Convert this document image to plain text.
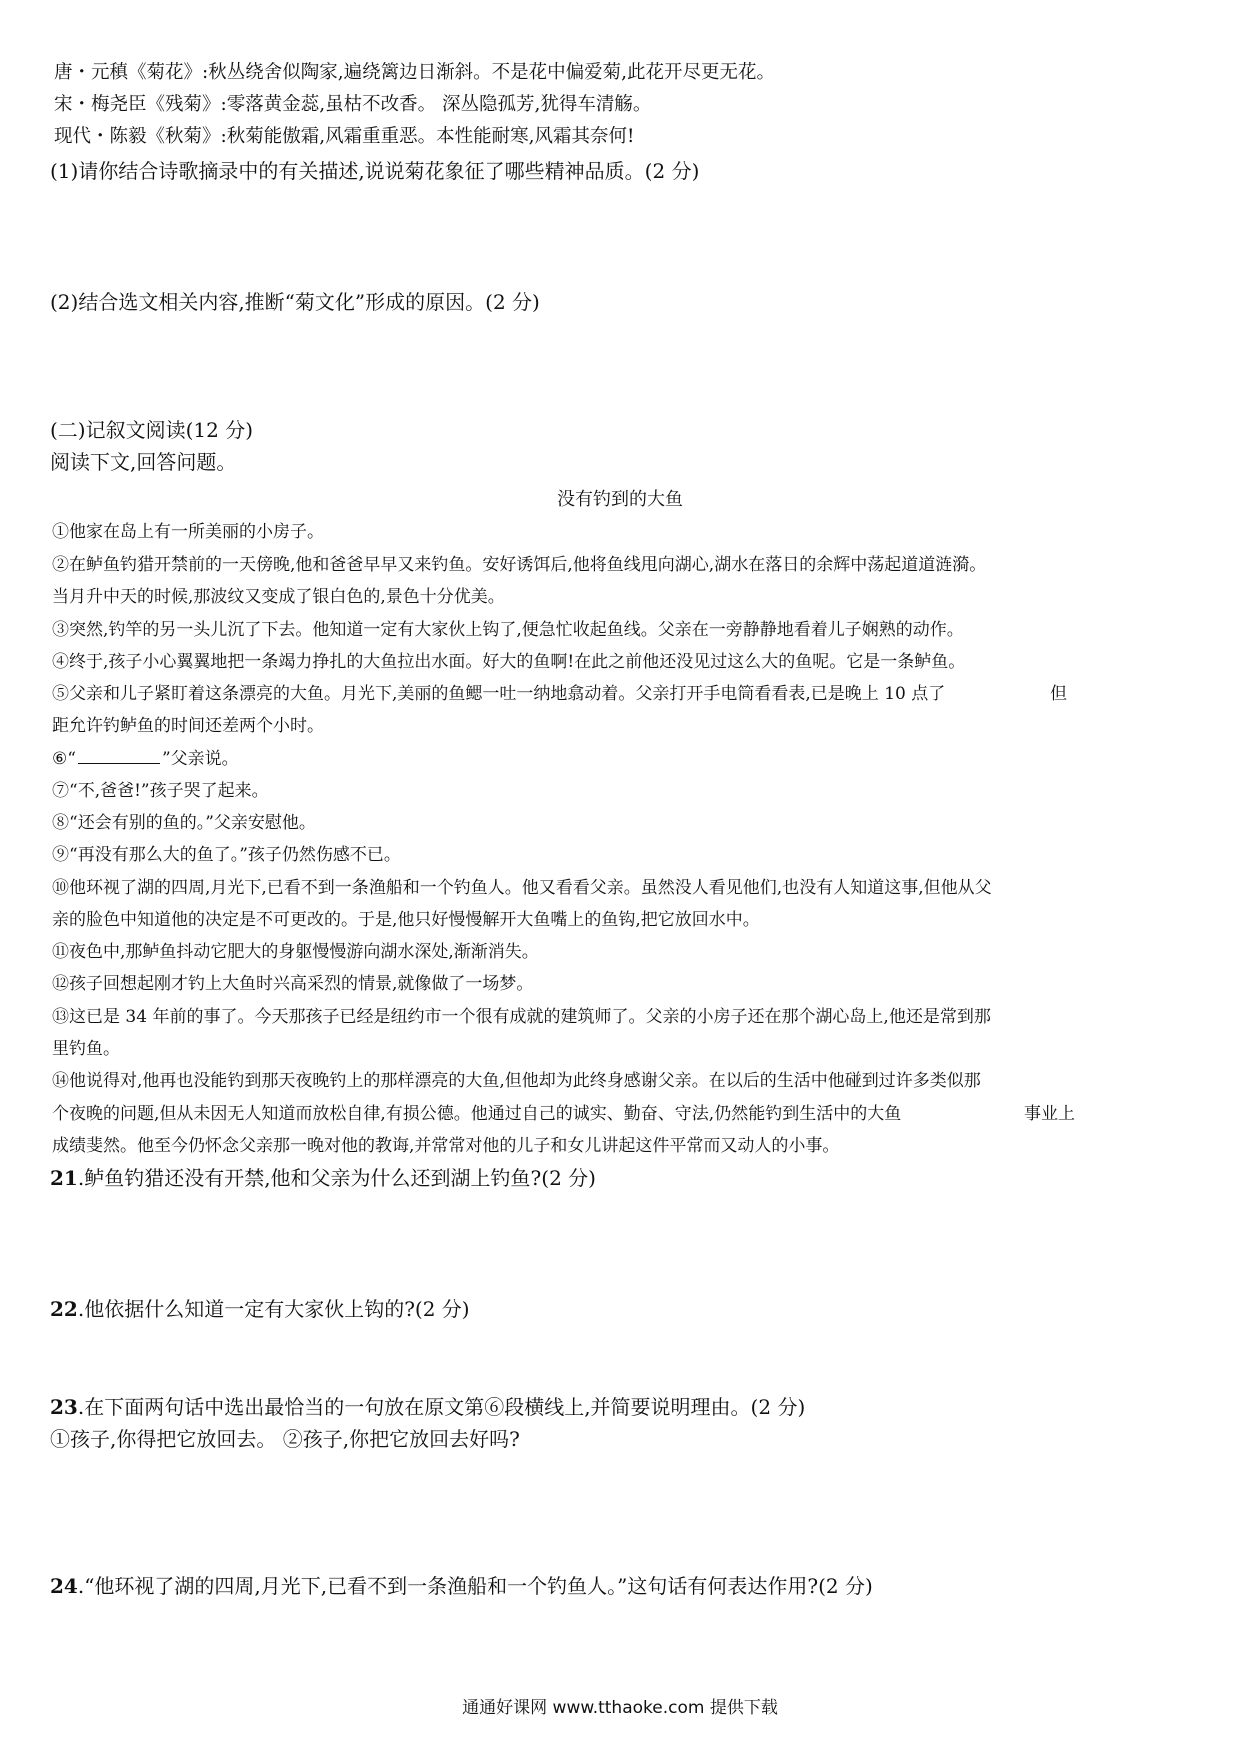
唐・元稹《菊花》:秋丛绕舍似陶家,遍绕篱边日渐斜。不是花中偏爱菊,此花开尽更无花。
宋・梅尧臣《残菊》:零落黄金蕊,虽枯不改香。 深丛隐孤芳,犹得车清觞。
现代・陈毅《秋菊》:秋菊能傲霜,风霜重重恶。本性能耐寒,风霜其奈何!
(1)请你结合诗歌摘录中的有关描述,说说菊花象征了哪些精神品质。(2 分)
(2)结合选文相关内容,推断“菊文化”形成的原因。(2 分)
(二)记叙文阅读(12 分)
阅读下文,回答问题。
没有钓到的大鱼
①他家在岛上有一所美丽的小房子。
②在鲈鱼钓猎开禁前的一天傍晚,他和爸爸早早又来钓鱼。安好诱饵后,他将鱼线甩向湖心,湖水在落日的余辉中荡起道道涟漪。
当月升中天的时候,那波纹又变成了银白色的,景色十分优美。
③突然,钓竿的另一头儿沉了下去。他知道一定有大家伙上钩了,便急忙收起鱼线。父亲在一旁静静地看着儿子娴熟的动作。
④终于,孩子小心翼翼地把一条竭力挣扎的大鱼拉出水面。好大的鱼啊!在此之前他还没见过这么大的鱼呢。它是一条鲈鱼。
⑤父亲和儿子紧盯着这条漂亮的大鱼。月光下,美丽的鱼鳃一吐一纳地翕动着。父亲打开手电筒看看表,已是晚上 10 点了	但
距允许钓鲈鱼的时间还差两个小时。
⑥“	”父亲说。
⑦“不,爸爸!”孩子哭了起来。
⑧“还会有别的鱼的。”父亲安慰他。
⑨“再没有那么大的鱼了。”孩子仍然伤感不已。
⑩他环视了湖的四周,月光下,已看不到一条渔船和一个钓鱼人。他又看看父亲。虽然没人看见他们,也没有人知道这事,但他从父
亲的脸色中知道他的决定是不可更改的。于是,他只好慢慢解开大鱼嘴上的鱼钩,把它放回水中。
⑪夜色中,那鲈鱼抖动它肥大的身躯慢慢游向湖水深处,渐渐消失。
⑫孩子回想起刚才钓上大鱼时兴高采烈的情景,就像做了一场梦。
⑬这已是 34 年前的事了。今天那孩子已经是纽约市一个很有成就的建筑师了。父亲的小房子还在那个湖心岛上,他还是常到那
里钓鱼。
⑭他说得对,他再也没能钓到那天夜晚钓上的那样漂亮的大鱼,但他却为此终身感谢父亲。在以后的生活中他碰到过许多类似那
个夜晚的问题,但从未因无人知道而放松自律,有损公德。他通过自己的诚实、勤奋、守法,仍然能钓到生活中的大鱼	事业上
成绩斐然。他至今仍怀念父亲那一晚对他的教诲,并常常对他的儿子和女儿讲起这件平常而又动人的小事。
21.鲈鱼钓猎还没有开禁,他和父亲为什么还到湖上钓鱼?(2 分)
22.他依据什么知道一定有大家伙上钩的?(2 分)
23.在下面两句话中选出最恰当的一句放在原文第⑥段横线上,并简要说明理由。(2 分)
①孩子,你得把它放回去。 ②孩子,你把它放回去好吗?
24.“他环视了湖的四周,月光下,已看不到一条渔船和一个钓鱼人。”这句话有何表达作用?(2 分)
通通好课网 www.tthaoke.com 提供下载
